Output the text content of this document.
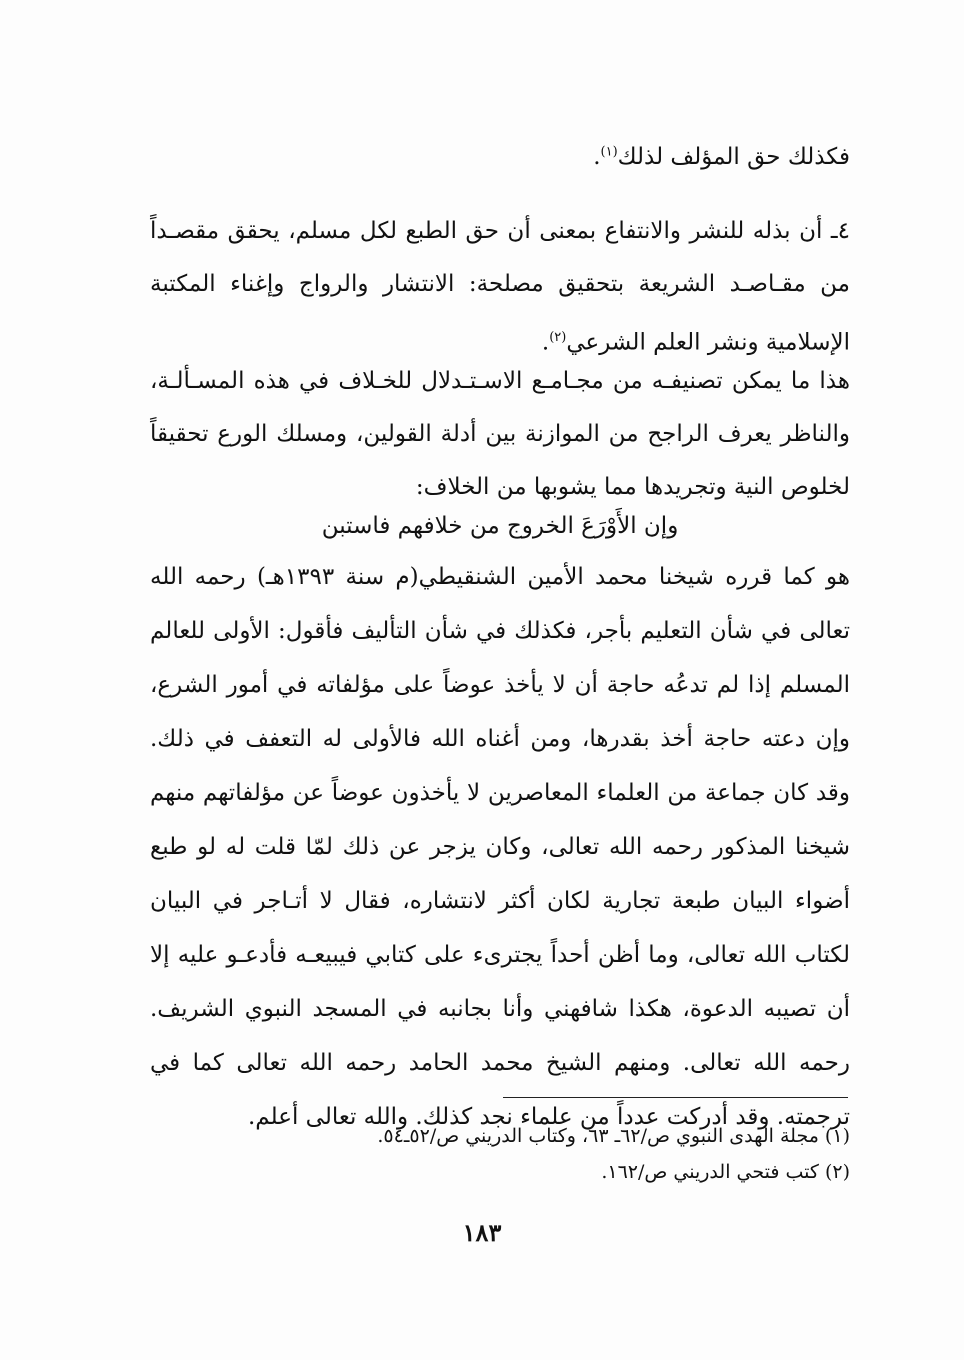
فكذلك حق المؤلف لذلك$^{(١)}$.
٤ـ أن بذله للنشر والانتفاع بمعنى أن حق الطبع لكل مسلم، يحقق مقصـداً من مقـاصـد الشريعة بتحقيق مصلحة: الانتشار والرواج وإغناء المكتبة الإسلامية ونشر العلم الشرعي$^{(٢)}$.
هذا ما يمكن تصنيفـه من مجـامـع الاسـتـدلال للخـلاف في هذه المسـألـة، والناظر يعرف الراجح من الموازنة بين أدلة القولين، ومسلك الورع تحقيقاً لخلوص النية وتجريدها مما يشوبها من الخلاف:
وإن الأَوْرَعَ الخروج من خلافهم فاستبن
هو كما قرره شيخنا محمد الأمين الشنقيطي(م سنة ١٣٩٣هـ) رحمه الله تعالى في شأن التعليم بأجر، فكذلك في شأن التأليف فأقول: الأولى للعالم المسلم إذا لم تدعُه حاجة أن لا يأخذ عوضاً على مؤلفاته في أمور الشرع، وإن دعته حاجة أخذ بقدرها، ومن أغناه الله فالأولى له التعفف في ذلك. وقد كان جماعة من العلماء المعاصرين لا يأخذون عوضاً عن مؤلفاتهم منهم شيخنا المذكور رحمه الله تعالى، وكان يزجر عن ذلك لمّا قلت له لو طبع أضواء البيان طبعة تجارية لكان أكثر لانتشاره، فقال لا أتـاجر في البيان لكتاب الله تعالى، وما أظن أحداً يجترىء على كتابي فيبيعـه فأدعـو عليه إلا أن تصيبه الدعوة، هكذا شافهني وأنا بجانبه في المسجد النبوي الشريف. رحمه الله تعالى. ومنهم الشيخ محمد الحامد رحمه الله تعالى كما في ترجمته. وقد أدركت عدداً من علماء نجد كذلك. والله تعالى أعلم.
(١) مجلة الهدى النبوي ص/٦٢ـ ٦٣، وكتاب الدريني ص/٥٢ـ٥٤.
(٢) كتب فتحي الدريني ص/١٦٢.
١٨٣
